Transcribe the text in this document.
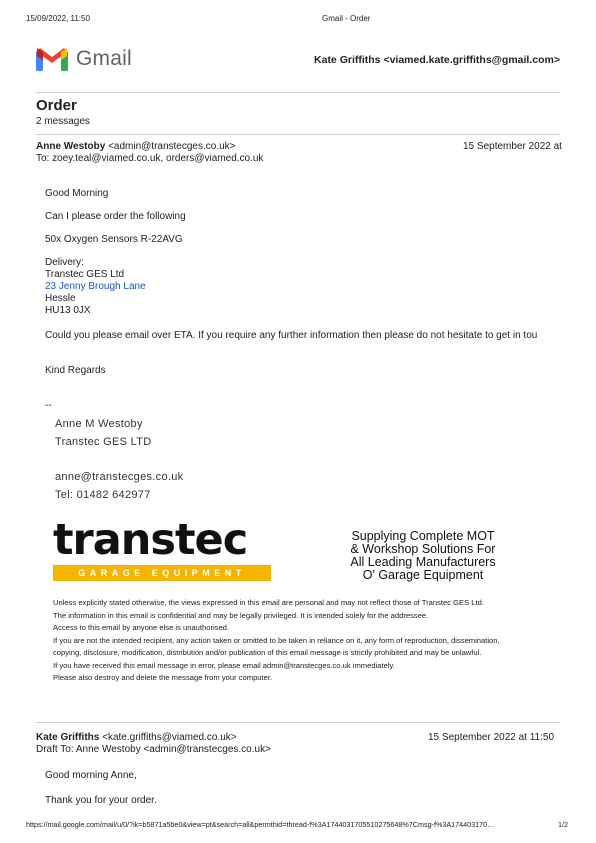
15/09/2022, 11:50	Gmail - Order
Gmail	Kate Griffiths <viamed.kate.griffiths@gmail.com>
Order
2 messages
Anne Westoby <admin@transtecges.co.uk>	15 September 2022 at
To: zoey.teal@viamed.co.uk, orders@viamed.co.uk
Good Morning
Can I please order the following
50x Oxygen Sensors R-22AVG
Delivery:
Transtec GES Ltd
23 Jenny Brough Lane
Hessle
HU13 0JX
Could you please email over ETA. If you require any further information then please do not hesitate to get in tou
Kind Regards
--
Anne M Westoby
Transtec GES LTD
anne@transtecges.co.uk
Tel: 01482 642977
transtec
GARAGE EQUIPMENT
Supplying Complete MOT
& Workshop Solutions For
All Leading Manufacturers
O' Garage Equipment
Unless explicitly stated otherwise, the views expressed in this email are personal and may not reflect those of Transtec GES Ltd.
The information in this email is confidential and may be legally privileged. It is intended solely for the addressee.
Access to this email by anyone else is unauthorised.
If you are not the intended recipient, any action taken or omitted to be taken in reliance on it, any form of reproduction, dissemination,
copying, disclosure, modification, distribution and/or publication of this email message is strictly prohibited and may be unlawful.
If you have received this email message in error, please email admin@transtecges.co.uk immediately.
Please also destroy and delete the message from your computer.
Kate Griffiths <kate.griffiths@viamed.co.uk>	15 September 2022 at 11:50
Draft To: Anne Westoby <admin@transtecges.co.uk>
Good morning Anne,
Thank you for your order.
https://mail.google.com/mail/u/0/?ik=b5871a5be0&view=pt&search=all&permthid=thread-f%3A1744031705510275648%7Cmsg-f%3A174403170…	1/2
